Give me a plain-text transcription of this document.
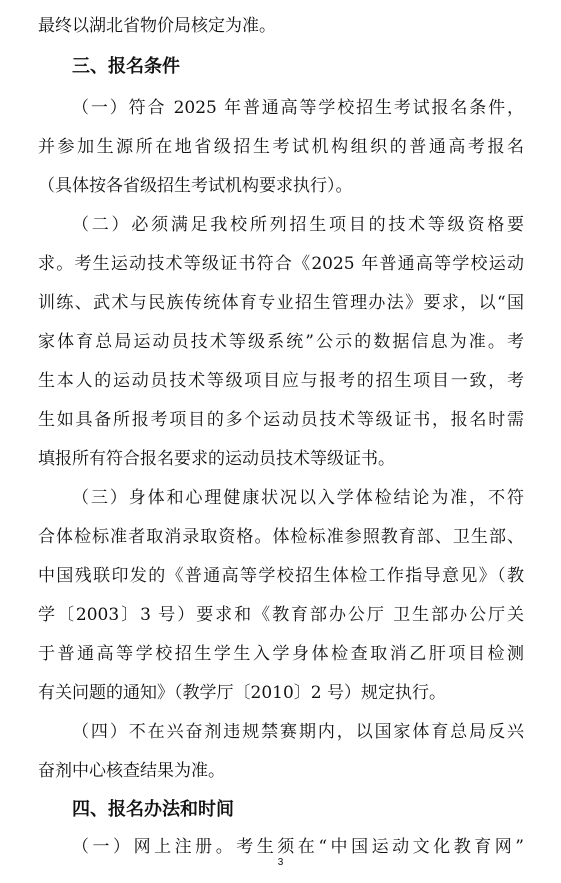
最终以湖北省物价局核定为准。
三、报名条件
（一）符合 2025 年普通高等学校招生考试报名条件，
并参加生源所在地省级招生考试机构组织的普通高考报名
（具体按各省级招生考试机构要求执行）。
（二）必须满足我校所列招生项目的技术等级资格要
求。考生运动技术等级证书符合《2025 年普通高等学校运动
训练、武术与民族传统体育专业招生管理办法》要求，以“国
家体育总局运动员技术等级系统”公示的数据信息为准。考
生本人的运动员技术等级项目应与报考的招生项目一致，考
生如具备所报考项目的多个运动员技术等级证书，报名时需
填报所有符合报名要求的运动员技术等级证书。
（三）身体和心理健康状况以入学体检结论为准，不符
合体检标准者取消录取资格。体检标准参照教育部、卫生部、
中国残联印发的《普通高等学校招生体检工作指导意见》（教
学〔2003〕3 号）要求和《教育部办公厅 卫生部办公厅关
于普通高等学校招生学生入学身体检查取消乙肝项目检测
有关问题的通知》（教学厅〔2010〕2 号）规定执行。
（四）不在兴奋剂违规禁赛期内，以国家体育总局反兴
奋剂中心核查结果为准。
四、报名办法和时间
（一）网上注册。考生须在“中国运动文化教育网”
3
